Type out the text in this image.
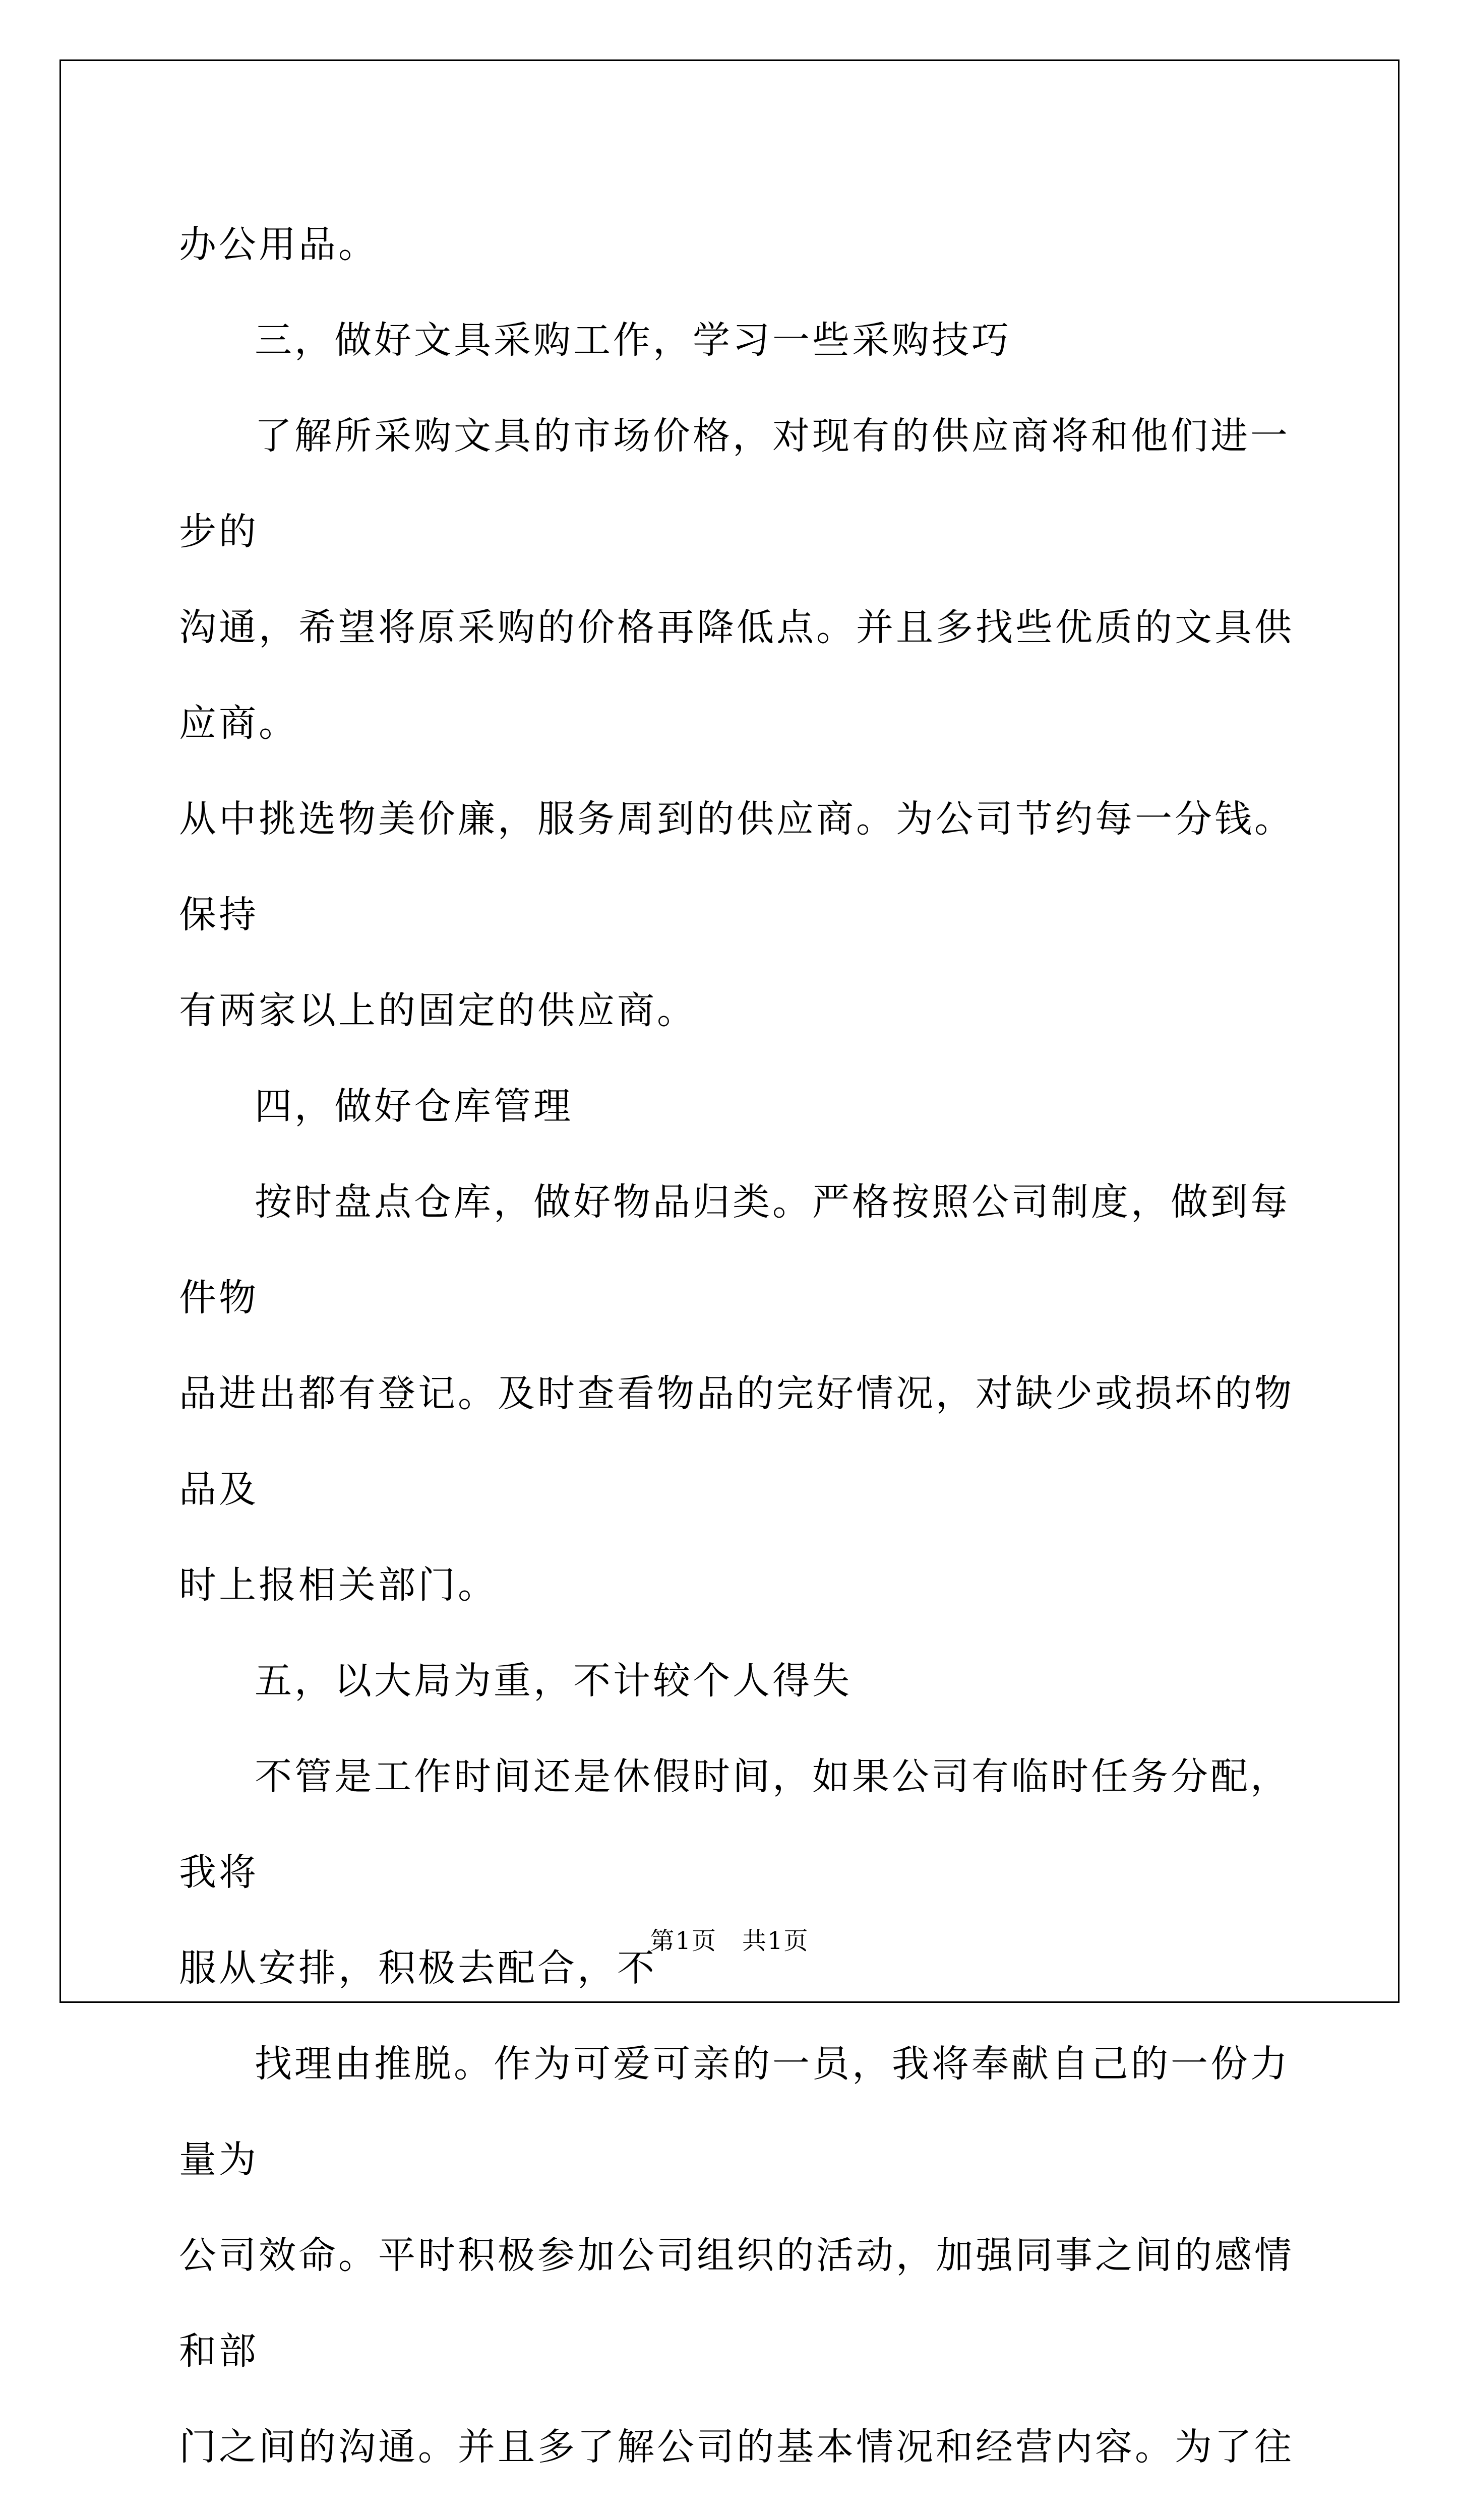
办公用品。

三，做好文具采购工作，学习一些采购技巧

了解所采购文具的市场价格，对现有的供应商将和他们进一步的

沟通，希望将原采购的价格再降低点。并且多找些优质的文具供应商。

从中挑选物美价廉，服务周到的供应商。为公司节约每一分钱。保持

有两家以上的固定的供应商。

四，做好仓库管理

按时盘点仓库，做好物品归类。严格按照公司制度，做到每件物

品进出都有登记。及时查看物品的完好情况，对缺少或损坏的物品及

时上报相关部门。

五，以大局为重，不计较个人得失

不管是工作时间还是休假时间，如果公司有临时任务分配，我将

服从安排，积极去配合，不

找理由推脱。作为可爱可亲的一员，我将奉献自己的一份力量为

公司效命。平时积极参加公司组织的活动，加强同事之间的感情和部

门之间的沟通。并且多了解公司的基本情况和经营内容。为了往

第1页　共1页
